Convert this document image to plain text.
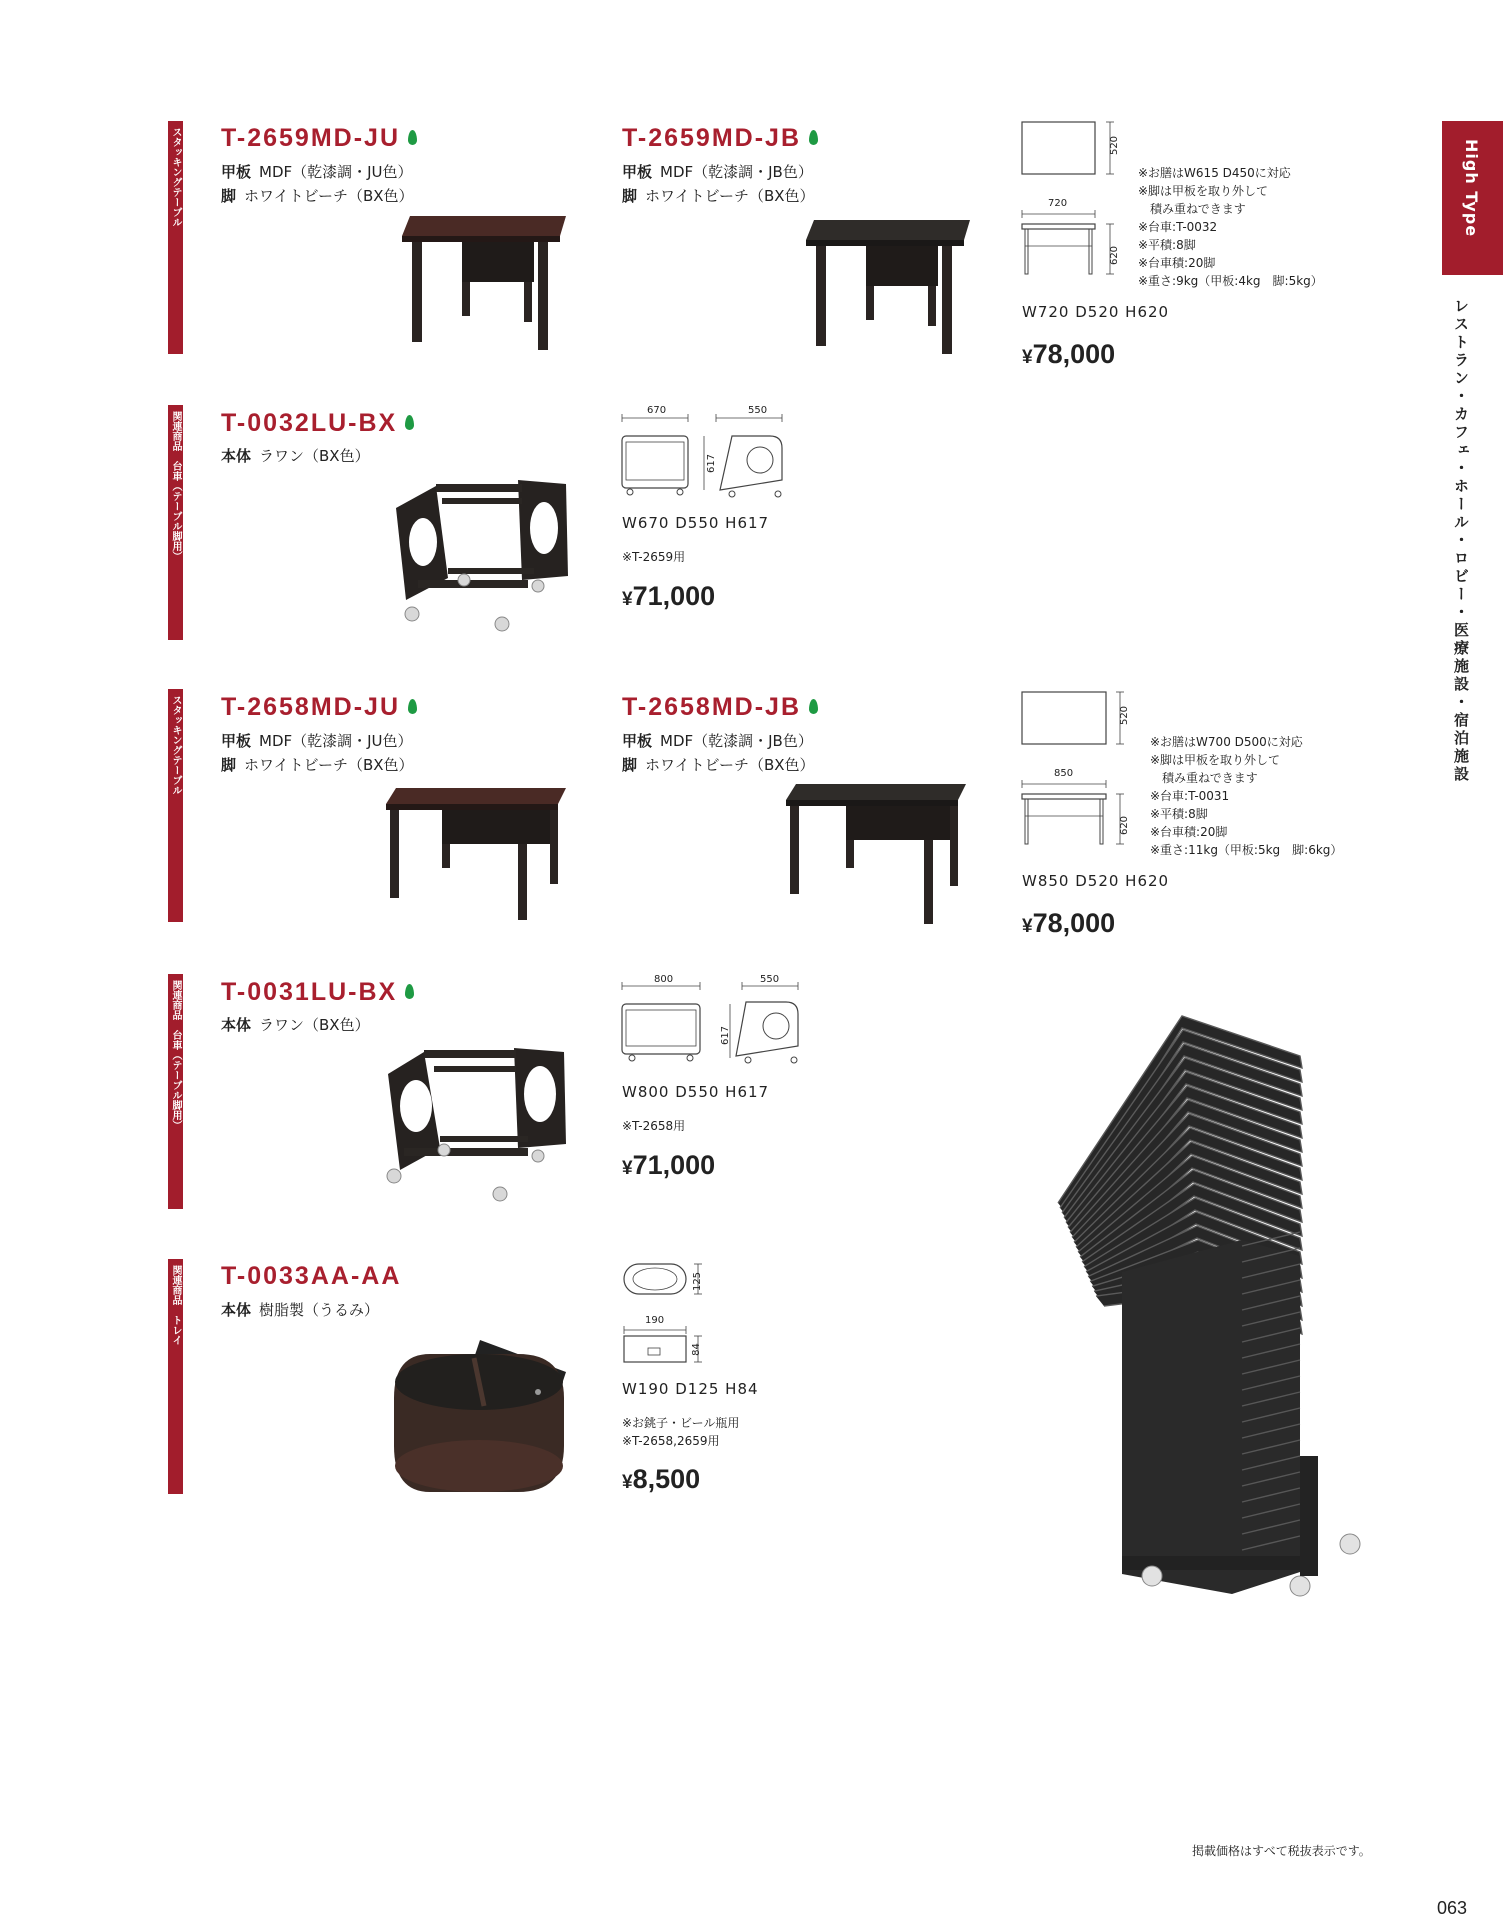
スタッキングテーブル
関連商品　台車（テーブル脚用）
スタッキングテーブル
関連商品　台車（テーブル脚用）
関連商品　トレイ
High Type
レストラン・カフェ・ホール・ロビー・医療施設・宿泊施設
T-2659MD-JU
甲板 MDF（乾漆調・JU色）
脚 ホワイトビーチ（BX色）
T-2659MD-JB
甲板 MDF（乾漆調・JB色）
脚 ホワイトビーチ（BX色）
520
720
620
※お膳はW615 D450に対応
※脚は甲板を取り外して
　積み重ねできます
※台車:T-0032
※平積:8脚
※台車積:20脚
※重さ:9kg（甲板:4kg　脚:5kg）
W720 D520 H620
¥78,000
T-0032LU-BX
本体 ラワン（BX色）
670	550
617
W670 D550 H617
※T-2659用
¥71,000
T-2658MD-JU
甲板 MDF（乾漆調・JU色）
脚 ホワイトビーチ（BX色）
T-2658MD-JB
甲板 MDF（乾漆調・JB色）
脚 ホワイトビーチ（BX色）
520
850
620
※お膳はW700 D500に対応
※脚は甲板を取り外して
　積み重ねできます
※台車:T-0031
※平積:8脚
※台車積:20脚
※重さ:11kg（甲板:5kg　脚:6kg）
W850 D520 H620
¥78,000
T-0031LU-BX
本体 ラワン（BX色）
800	550
617
W800 D550 H617
※T-2658用
¥71,000
T-0033AA-AA
本体 樹脂製（うるみ）
125
190
84
W190 D125 H84
※お銚子・ビール瓶用
※T-2658,2659用
¥8,500
掲載価格はすべて税抜表示です。
063
